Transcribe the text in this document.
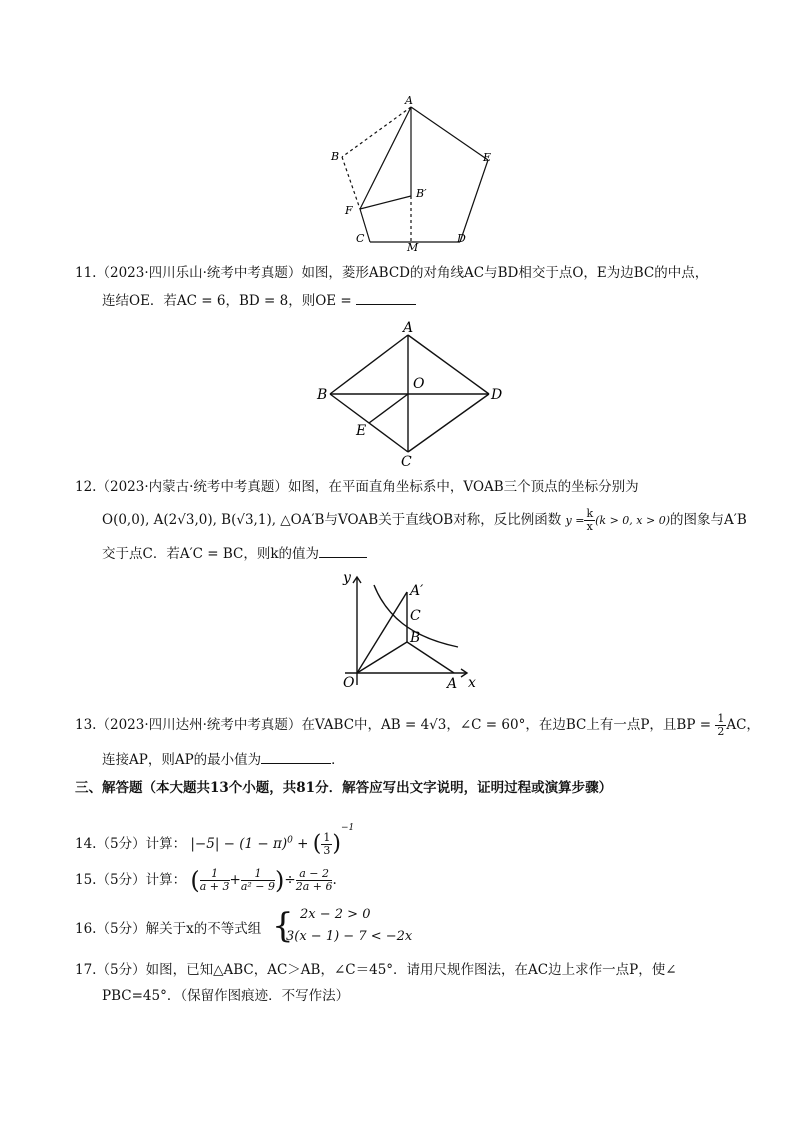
A
B	E
B′
F
C
M
D
11.（2023·四川乐山·统考中考真题）如图，菱形ABCD的对角线AC与BD相交于点O，E为边BC的中点，
连结OE．若AC = 6，BD = 8，则OE =
A
B
O
D
E
C
12.（2023·内蒙古·统考中考真题）如图，在平面直角坐标系中，VOAB三个顶点的坐标分别为
O(0,0), A(2√3,0), B(√3,1), △OA′B与VOAB关于直线OB对称，反比例函数 $y = \frac{k}{x} (k > 0$, x > 0)的图象与A′B
交于点C．若A′C = BC，则k的值为
y
A′
C
B
O	A x
13.（2023·四川达州·统考中考真题）在VABC中，AB = 4√3，∠C = 60°，在边BC上有一点P，且BP = $\frac{1}{2}$ AC，
连接AP，则AP的最小值为	．
三、解答题（本大题共13个小题，共81分．解答应写出文字说明，证明过程或演算步骤）
14.（5分）计算： $|-5| - (1 - \pi)^0$ + ( $\frac{1}{3} )^{-1}$
15.（5分）计算： ( $\frac{1}{a + 3} + \frac{1}{\text{a² − 9}}$ )÷ $\frac{a - 2}{2a + 6}$ .
16.（5分）解关于x的不等式组 { 2x − 2 > 0
3(x − 1) − 7 < −2x
17.（5分）如图，已知△ABC，AC＞AB，∠C＝45°．请用尺规作图法，在AC边上求作一点P，使∠
PBC=45°．（保留作图痕迹．不写作法）
